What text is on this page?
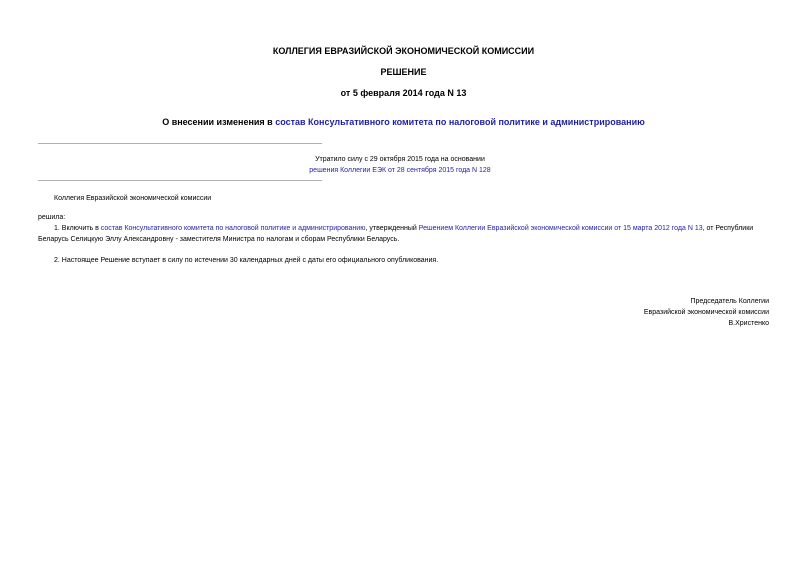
КОЛЛЕГИЯ ЕВРАЗИЙСКОЙ ЭКОНОМИЧЕСКОЙ КОМИССИИ
РЕШЕНИЕ
от 5 февраля 2014 года N 13
О внесении изменения в состав Консультативного комитета по налоговой политике и администрированию
Утратило силу с 29 октября 2015 года на основании
решения Коллегии ЕЭК от 28 сентября 2015 года N 128
Коллегия Евразийской экономической комиссии
решила:
1. Включить в состав Консультативного комитета по налоговой политике и администрированию, утвержденный Решением Коллегии Евразийской экономической комиссии от 15 марта 2012 года N 13, от Республики Беларусь Селицкую Эллу Александровну - заместителя Министра по налогам и сборам Республики Беларусь.
2. Настоящее Решение вступает в силу по истечении 30 календарных дней с даты его официального опубликования.
Председатель Коллегии
Евразийской экономической комиссии
В.Христенко
